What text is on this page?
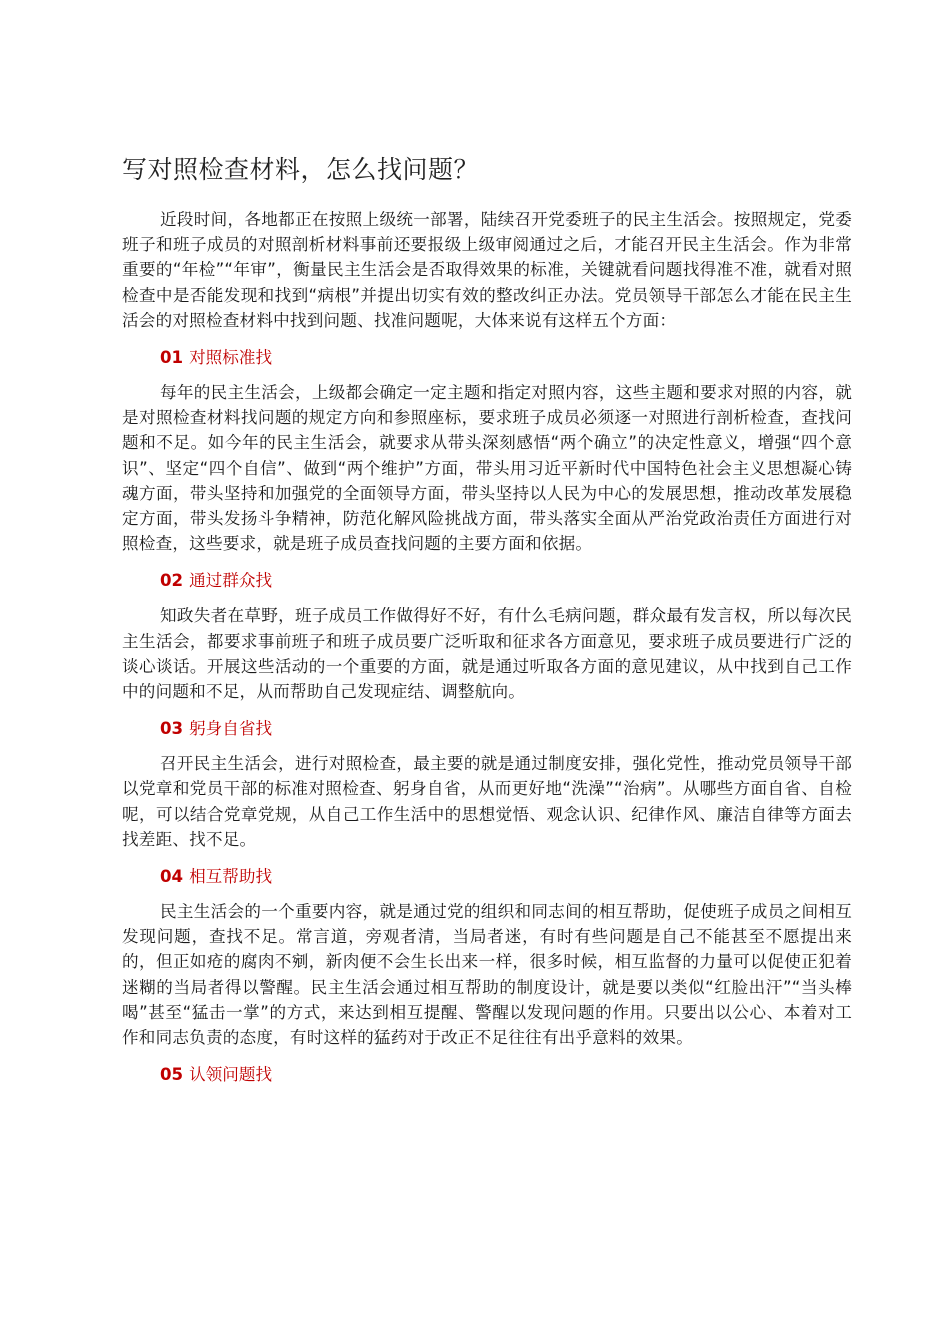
写对照检查材料，怎么找问题？

近段时间，各地都正在按照上级统一部署，陆续召开党委班子的民主生活会。按照规定，党委班子和班子成员的对照剖析材料事前还要报级上级审阅通过之后，才能召开民主生活会。作为非常重要的“年检”“年审”，衡量民主生活会是否取得效果的标准，关键就看问题找得准不准，就看对照检查中是否能发现和找到“病根”并提出切实有效的整改纠正办法。党员领导干部怎么才能在民主生活会的对照检查材料中找到问题、找准问题呢，大体来说有这样五个方面：

01 对照标准找

每年的民主生活会，上级都会确定一定主题和指定对照内容，这些主题和要求对照的内容，就是对照检查材料找问题的规定方向和参照座标，要求班子成员必须逐一对照进行剖析检查，查找问题和不足。如今年的民主生活会，就要求从带头深刻感悟“两个确立”的决定性意义，增强“四个意识”、坚定“四个自信”、做到“两个维护”方面，带头用习近平新时代中国特色社会主义思想凝心铸魂方面，带头坚持和加强党的全面领导方面，带头坚持以人民为中心的发展思想，推动改革发展稳定方面，带头发扬斗争精神，防范化解风险挑战方面，带头落实全面从严治党政治责任方面进行对照检查，这些要求，就是班子成员查找问题的主要方面和依据。

02 通过群众找

知政失者在草野，班子成员工作做得好不好，有什么毛病问题，群众最有发言权，所以每次民主生活会，都要求事前班子和班子成员要广泛听取和征求各方面意见，要求班子成员要进行广泛的谈心谈话。开展这些活动的一个重要的方面，就是通过听取各方面的意见建议，从中找到自己工作中的问题和不足，从而帮助自己发现症结、调整航向。

03 躬身自省找

召开民主生活会，进行对照检查，最主要的就是通过制度安排，强化党性，推动党员领导干部以党章和党员干部的标准对照检查、躬身自省，从而更好地“洗澡”“治病”。从哪些方面自省、自检呢，可以结合党章党规，从自己工作生活中的思想觉悟、观念认识、纪律作风、廉洁自律等方面去找差距、找不足。

04 相互帮助找

民主生活会的一个重要内容，就是通过党的组织和同志间的相互帮助，促使班子成员之间相互发现问题，查找不足。常言道，旁观者清，当局者迷，有时有些问题是自己不能甚至不愿提出来的，但正如疮的腐肉不剜，新肉便不会生长出来一样，很多时候，相互监督的力量可以促使正犯着迷糊的当局者得以警醒。民主生活会通过相互帮助的制度设计，就是要以类似“红脸出汗”“当头棒喝”甚至“猛击一掌”的方式，来达到相互提醒、警醒以发现问题的作用。只要出以公心、本着对工作和同志负责的态度，有时这样的猛药对于改正不足往往有出乎意料的效果。

05 认领问题找
